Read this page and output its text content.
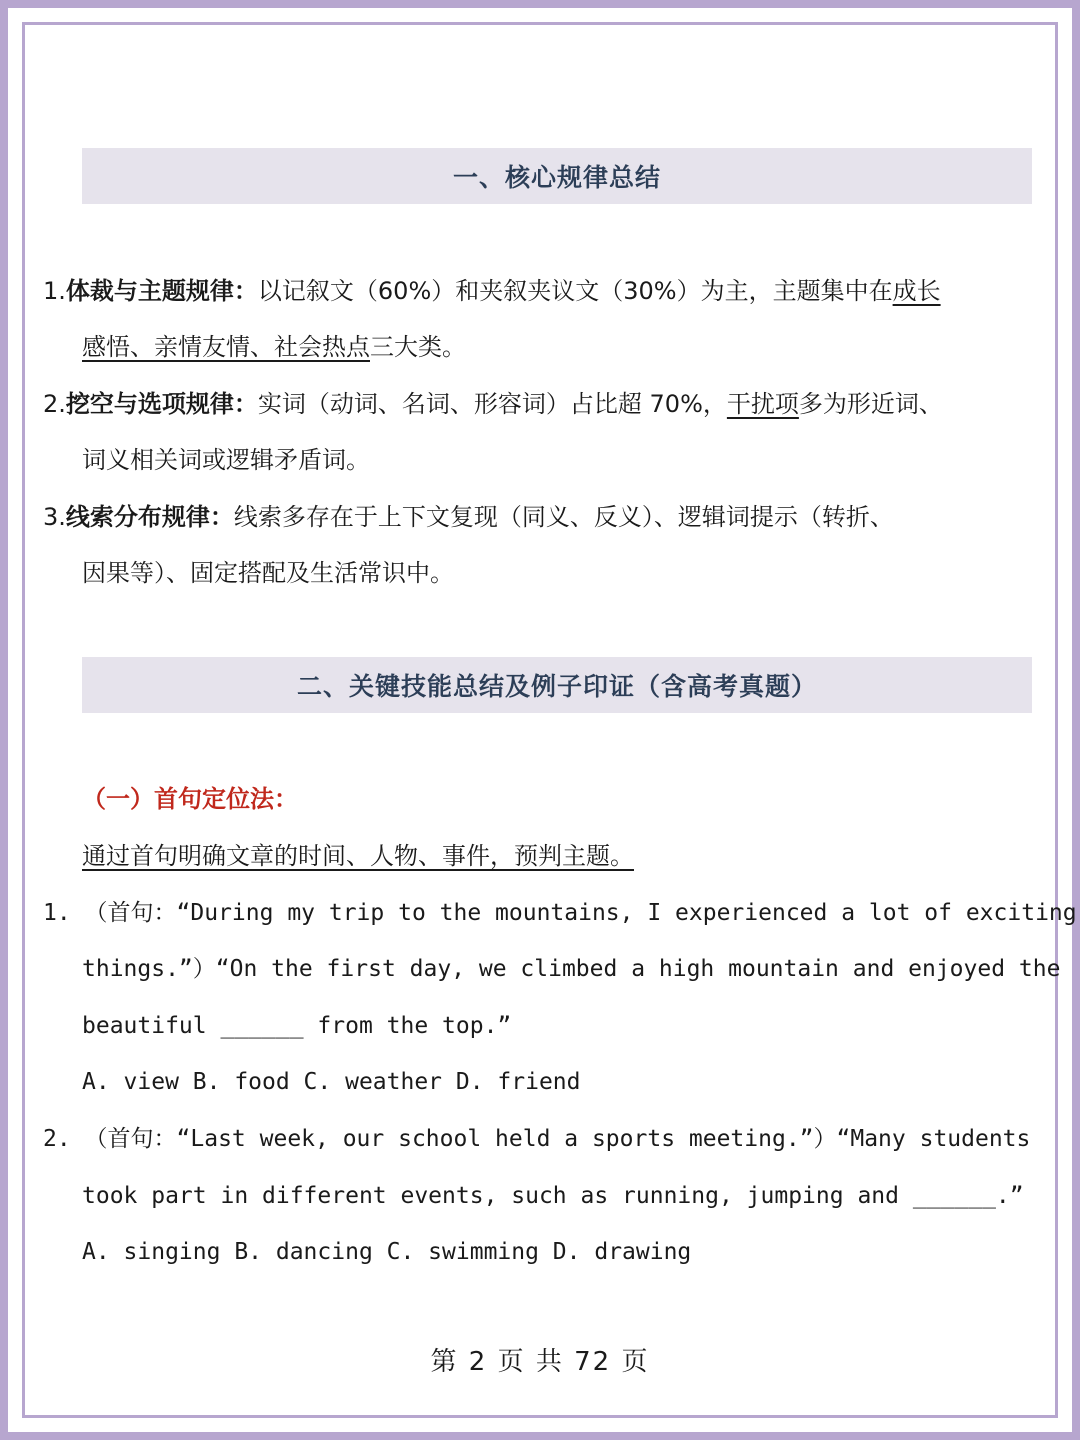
一、核心规律总结
1.体裁与主题规律：以记叙文（60%）和夹叙夹议文（30%）为主，主题集中在成长
感悟、亲情友情、社会热点三大类。
2.挖空与选项规律：实词（动词、名词、形容词）占比超 70%，干扰项多为形近词、
词义相关词或逻辑矛盾词。
3.线索分布规律：线索多存在于上下文复现（同义、反义）、逻辑词提示（转折、
因果等）、固定搭配及生活常识中。
二、关键技能总结及例子印证（含高考真题）
（一）首句定位法：
通过首句明确文章的时间、人物、事件，预判主题。
1. （首句：“During my trip to the mountains, I experienced a lot of exciting
things.”）“On the first day, we climbed a high mountain and enjoyed the
beautiful ______ from the top.”
A. view B. food C. weather D. friend
2. （首句：“Last week, our school held a sports meeting.”）“Many students
took part in different events, such as running, jumping and ______.”
A. singing B. dancing C. swimming D. drawing
第 2 页 共 72 页
